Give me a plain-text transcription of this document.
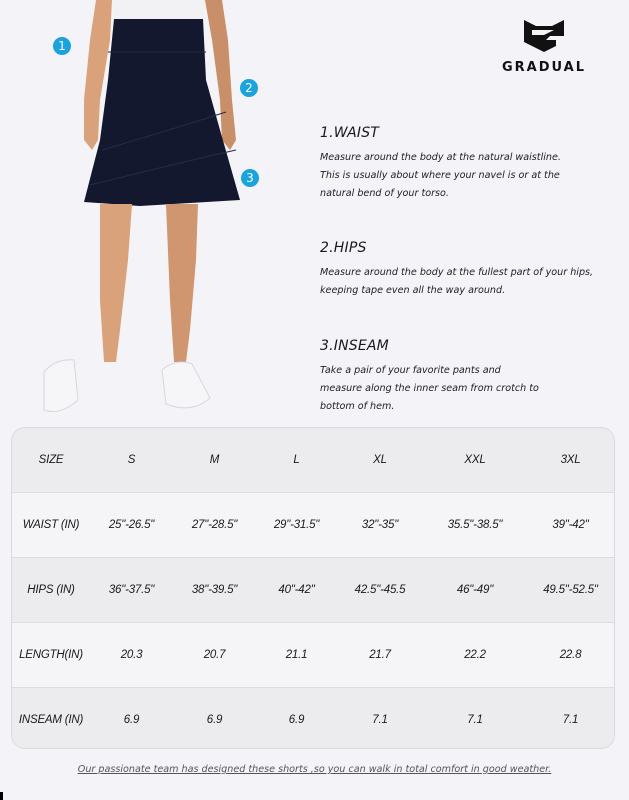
1
2
3
GRADUAL
1.WAIST

Measure around the body at the natural waistline.
This is usually about where your navel is or at the
natural bend of your torso.

2.HIPS

Measure around the body at the fullest part of your hips,
keeping tape even all the way around.

3.INSEAM

Take a pair of your favorite pants and
measure along the inner seam from crotch to
bottom of hem.

SIZE	S	M	L	XL	XXL	3XL
WAIST (IN)	25"-26.5"	27"-28.5"	29"-31.5"	32"-35"	35.5"-38.5"	39"-42"
HIPS (IN)	36"-37.5"	38"-39.5"	40"-42"	42.5"-45.5	46"-49"	49.5"-52.5"
LENGTH(IN)	20.3	20.7	21.1	21.7	22.2	22.8
INSEAM (IN)	6.9	6.9	6.9	7.1	7.1	7.1
Our passionate team has designed these shorts ,so you can walk in total comfort in good weather.
